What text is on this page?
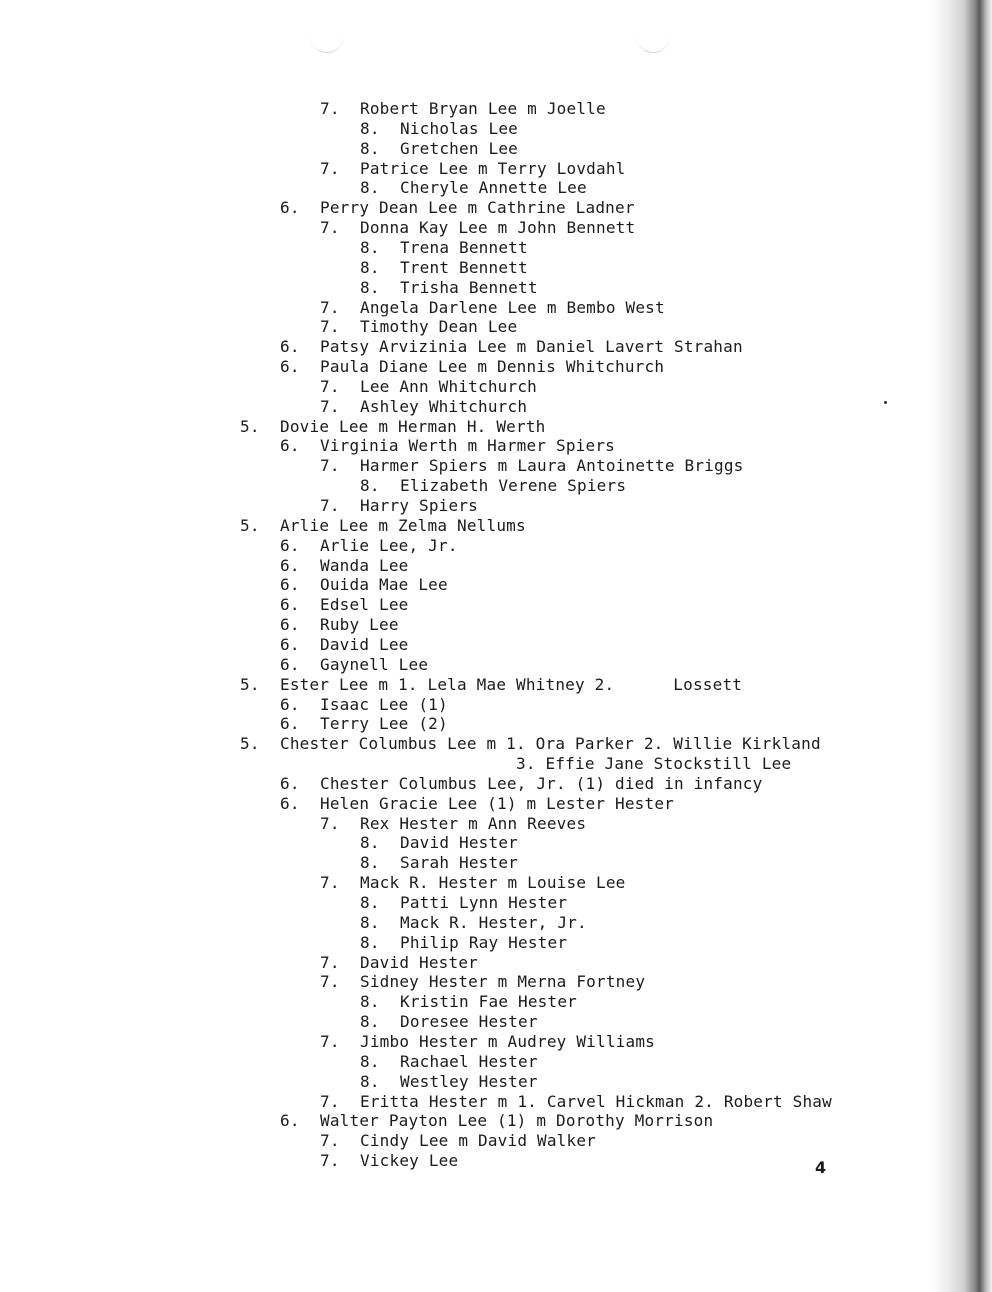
7. Robert Bryan Lee m Joelle
8. Nicholas Lee
8. Gretchen Lee
7. Patrice Lee m Terry Lovdahl
8. Cheryle Annette Lee
6. Perry Dean Lee m Cathrine Ladner
7. Donna Kay Lee m John Bennett
8. Trena Bennett
8. Trent Bennett
8. Trisha Bennett
7. Angela Darlene Lee m Bembo West
7. Timothy Dean Lee
6. Patsy Arvizinia Lee m Daniel Lavert Strahan
6. Paula Diane Lee m Dennis Whitchurch
7. Lee Ann Whitchurch
7. Ashley Whitchurch
5. Dovie Lee m Herman H. Werth
6. Virginia Werth m Harmer Spiers
7. Harmer Spiers m Laura Antoinette Briggs
8. Elizabeth Verene Spiers
7. Harry Spiers
5. Arlie Lee m Zelma Nellums
6. Arlie Lee, Jr.
6. Wanda Lee
6. Ouida Mae Lee
6. Edsel Lee
6. Ruby Lee
6. David Lee
6. Gaynell Lee
5. Ester Lee m 1. Lela Mae Whitney 2.      Lossett
6. Isaac Lee (1)
6. Terry Lee (2)
5. Chester Columbus Lee m 1. Ora Parker 2. Willie Kirkland
3. Effie Jane Stockstill Lee
6. Chester Columbus Lee, Jr. (1) died in infancy
6. Helen Gracie Lee (1) m Lester Hester
7. Rex Hester m Ann Reeves
8. David Hester
8. Sarah Hester
7. Mack R. Hester m Louise Lee
8. Patti Lynn Hester
8. Mack R. Hester, Jr.
8. Philip Ray Hester
7. David Hester
7. Sidney Hester m Merna Fortney
8. Kristin Fae Hester
8. Doresee Hester
7. Jimbo Hester m Audrey Williams
8. Rachael Hester
8. Westley Hester
7. Eritta Hester m 1. Carvel Hickman 2. Robert Shaw
6. Walter Payton Lee (1) m Dorothy Morrison
7. Cindy Lee m David Walker
7. Vickey Lee	4
